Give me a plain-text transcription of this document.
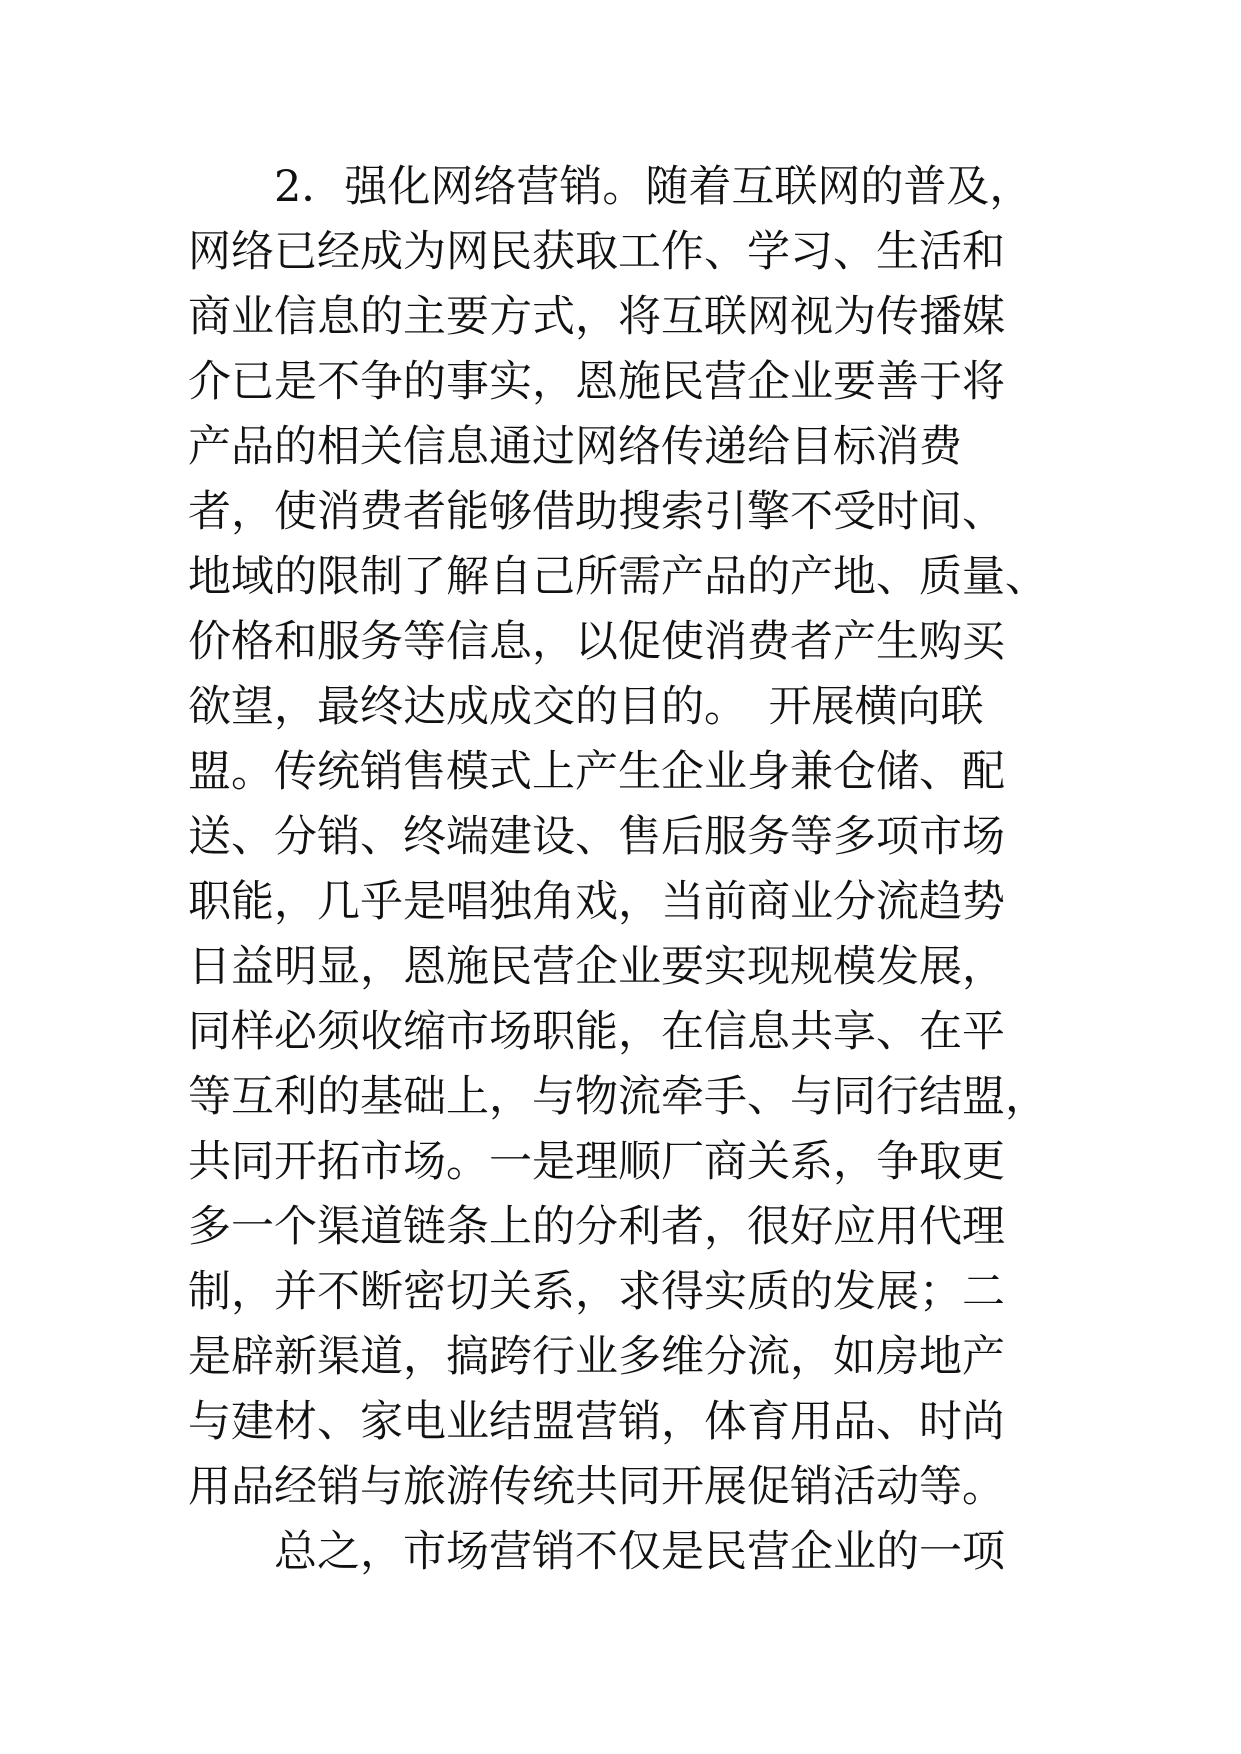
2．强化网络营销。随着互联网的普及，
网络已经成为网民获取工作、学习、生活和
商业信息的主要方式，将互联网视为传播媒
介已是不争的事实，恩施民营企业要善于将
产品的相关信息通过网络传递给目标消费
者，使消费者能够借助搜索引擎不受时间、
地域的限制了解自己所需产品的产地、质量、
价格和服务等信息，以促使消费者产生购买
欲望，最终达成成交的目的。　开展横向联
盟。传统销售模式上产生企业身兼仓储、配
送、分销、终端建设、售后服务等多项市场
职能，几乎是唱独角戏，当前商业分流趋势
日益明显，恩施民营企业要实现规模发展，
同样必须收缩市场职能，在信息共享、在平
等互利的基础上，与物流牵手、与同行结盟，
共同开拓市场。一是理顺厂商关系，争取更
多一个渠道链条上的分利者，很好应用代理
制，并不断密切关系，求得实质的发展；二
是辟新渠道，搞跨行业多维分流，如房地产
与建材、家电业结盟营销，体育用品、时尚
用品经销与旅游传统共同开展促销活动等。
总之，市场营销不仅是民营企业的一项
